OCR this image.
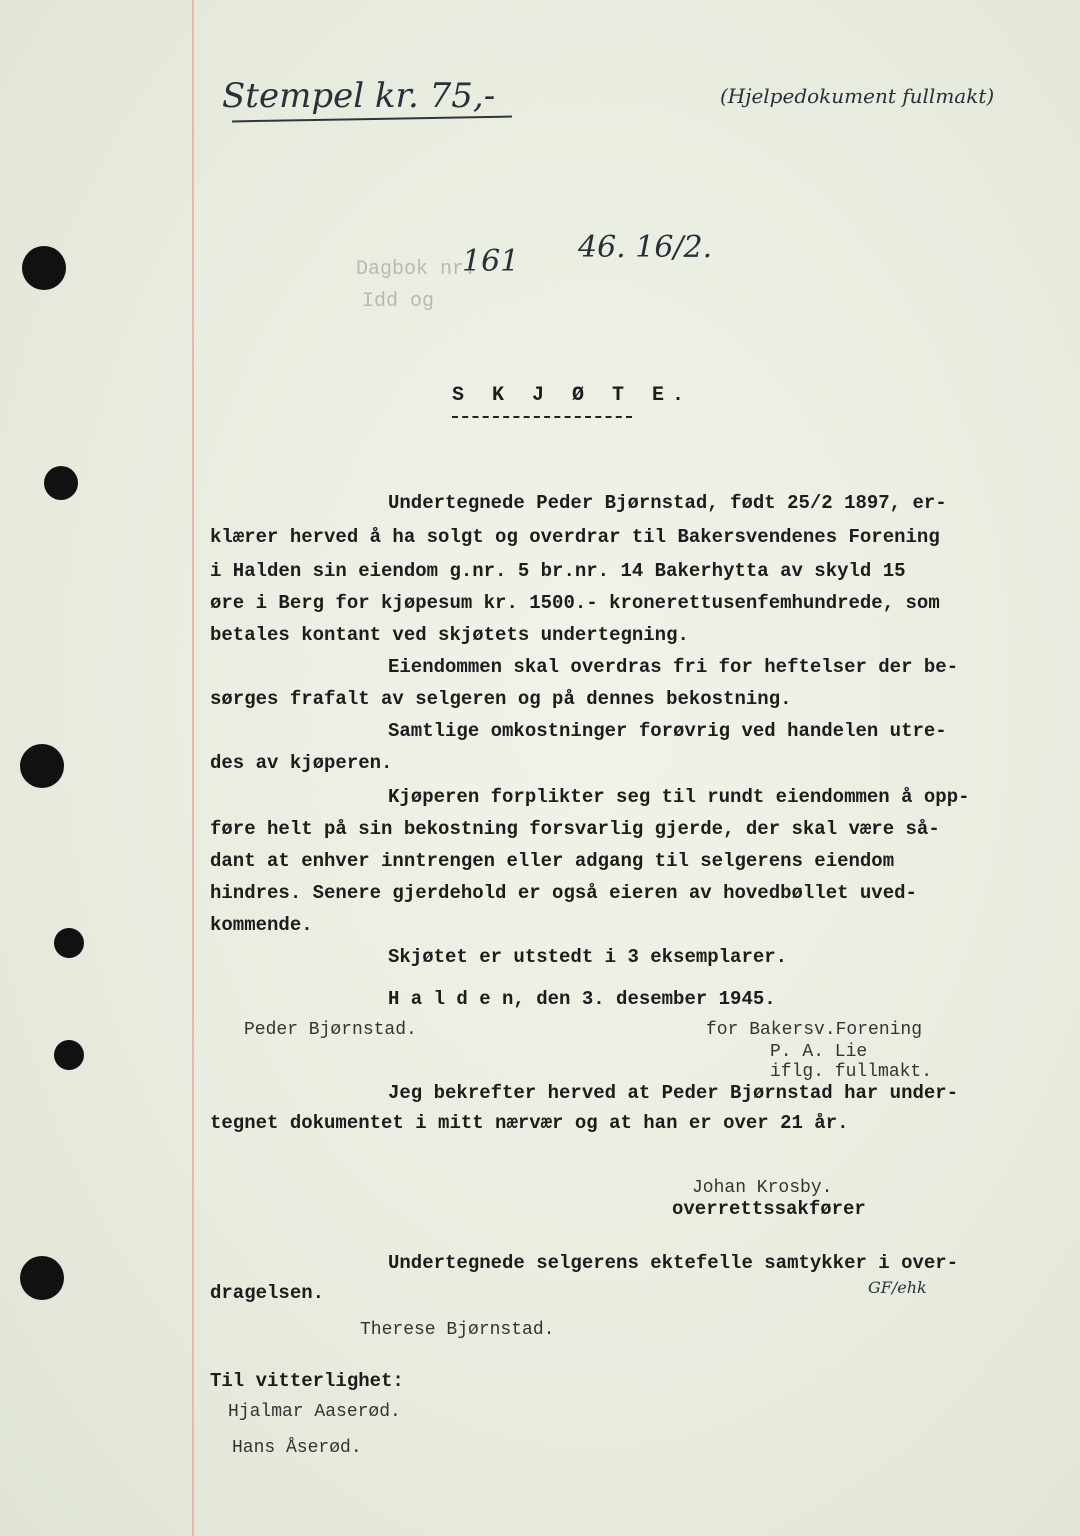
Stempel kr. 75,-	(Hjelpedokument fullmakt)
Dagbok nr.
Idd og
161 46. 16/2.
S K J Ø T E.
Undertegnede Peder Bjørnstad, født 25/2 1897, er-
klærer herved å ha solgt og overdrar til Bakersvendenes Forening
i Halden sin eiendom g.nr. 5 br.nr. 14 Bakerhytta av skyld 15
øre i Berg for kjøpesum kr. 1500.- kronerettusenfemhundrede, som
betales kontant ved skjøtets undertegning.
Eiendommen skal overdras fri for heftelser der be-
sørges frafalt av selgeren og på dennes bekostning.
Samtlige omkostninger forøvrig ved handelen utre-
des av kjøperen.
Kjøperen forplikter seg til rundt eiendommen å opp-
føre helt på sin bekostning forsvarlig gjerde, der skal være så-
dant at enhver inntrengen eller adgang til selgerens eiendom
hindres. Senere gjerdehold er også eieren av hovedbøllet uved-
kommende.
Skjøtet er utstedt i 3 eksemplarer.
H a l d e n, den 3. desember 1945.
Peder Bjørnstad.	for Bakersv.Forening
P. A. Lie
iflg. fullmakt.
Jeg bekrefter herved at Peder Bjørnstad har under-
tegnet dokumentet i mitt nærvær og at han er over 21 år.
Johan Krosby.
overrettssakfører
Undertegnede selgerens ektefelle samtykker i over-
dragelsen.	GF/ehk
Therese Bjørnstad.
Til vitterlighet:
Hjalmar Aaserød.
Hans Åserød.
